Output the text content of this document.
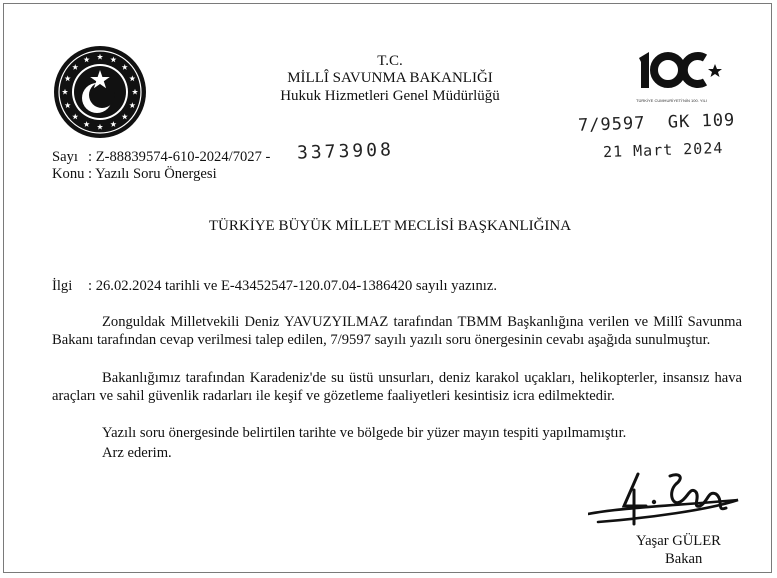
TÜRKİYE CUMHURİYETİ'NİN 100. YILI
T.C.
MİLLÎ SAVUNMA BAKANLIĞI
Hukuk Hizmetleri Genel Müdürlüğü
7/9597  GK 109
21 Mart 2024
Sayı : Z-88839574-610-2024/7027 - 3373908
Konu : Yazılı Soru Önergesi
TÜRKİYE BÜYÜK MİLLET MECLİSİ BAŞKANLIĞINA
İlgi : 26.02.2024 tarihli ve E-43452547-120.07.04-1386420 sayılı yazınız.
Zonguldak Milletvekili Deniz YAVUZYILMAZ tarafından TBMM Başkanlığına verilen ve Millî Savunma Bakanı tarafından cevap verilmesi talep edilen, 7/9597 sayılı yazılı soru önergesinin cevabı aşağıda sunulmuştur.
Bakanlığımız tarafından Karadeniz'de su üstü unsurları, deniz karakol uçakları, helikopterler, insansız hava araçları ve sahil güvenlik radarları ile keşif ve gözetleme faaliyetleri kesintisiz icra edilmektedir.
Yazılı soru önergesinde belirtilen tarihte ve bölgede bir yüzer mayın tespiti yapılmamıştır.
Arz ederim.
Yaşar GÜLER
Bakan
